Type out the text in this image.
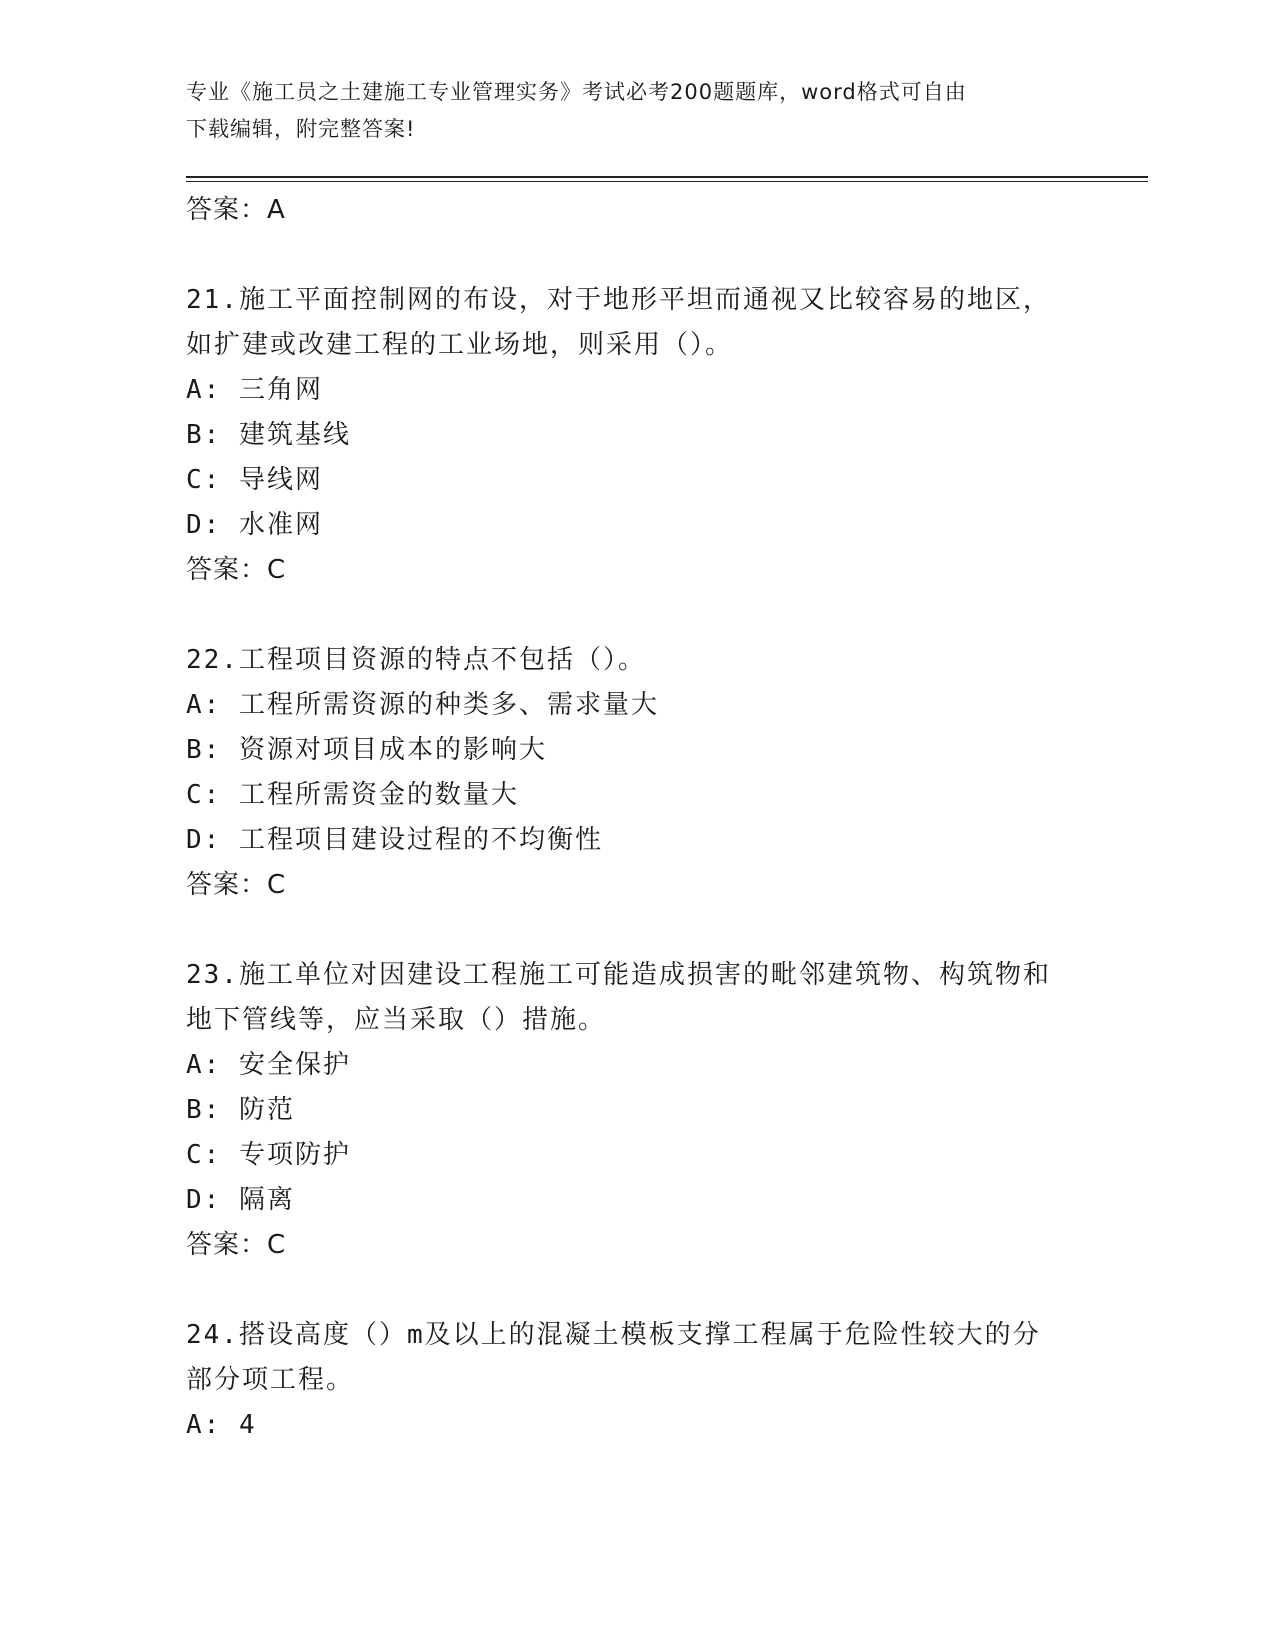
专业《施工员之土建施工专业管理实务》考试必考200题题库，word格式可自由
下载编辑，附完整答案!
答案：A
21.施工平面控制网的布设，对于地形平坦而通视又比较容易的地区，
如扩建或改建工程的工业场地，则采用（）。
A: 三角网
B: 建筑基线
C: 导线网
D: 水准网
答案：C
22.工程项目资源的特点不包括（）。
A: 工程所需资源的种类多、需求量大
B: 资源对项目成本的影响大
C: 工程所需资金的数量大
D: 工程项目建设过程的不均衡性
答案：C
23.施工单位对因建设工程施工可能造成损害的毗邻建筑物、构筑物和
地下管线等，应当采取（）措施。
A: 安全保护
B: 防范
C: 专项防护
D: 隔离
答案：C
24.搭设高度（）m及以上的混凝土模板支撑工程属于危险性较大的分
部分项工程。
A: 4
